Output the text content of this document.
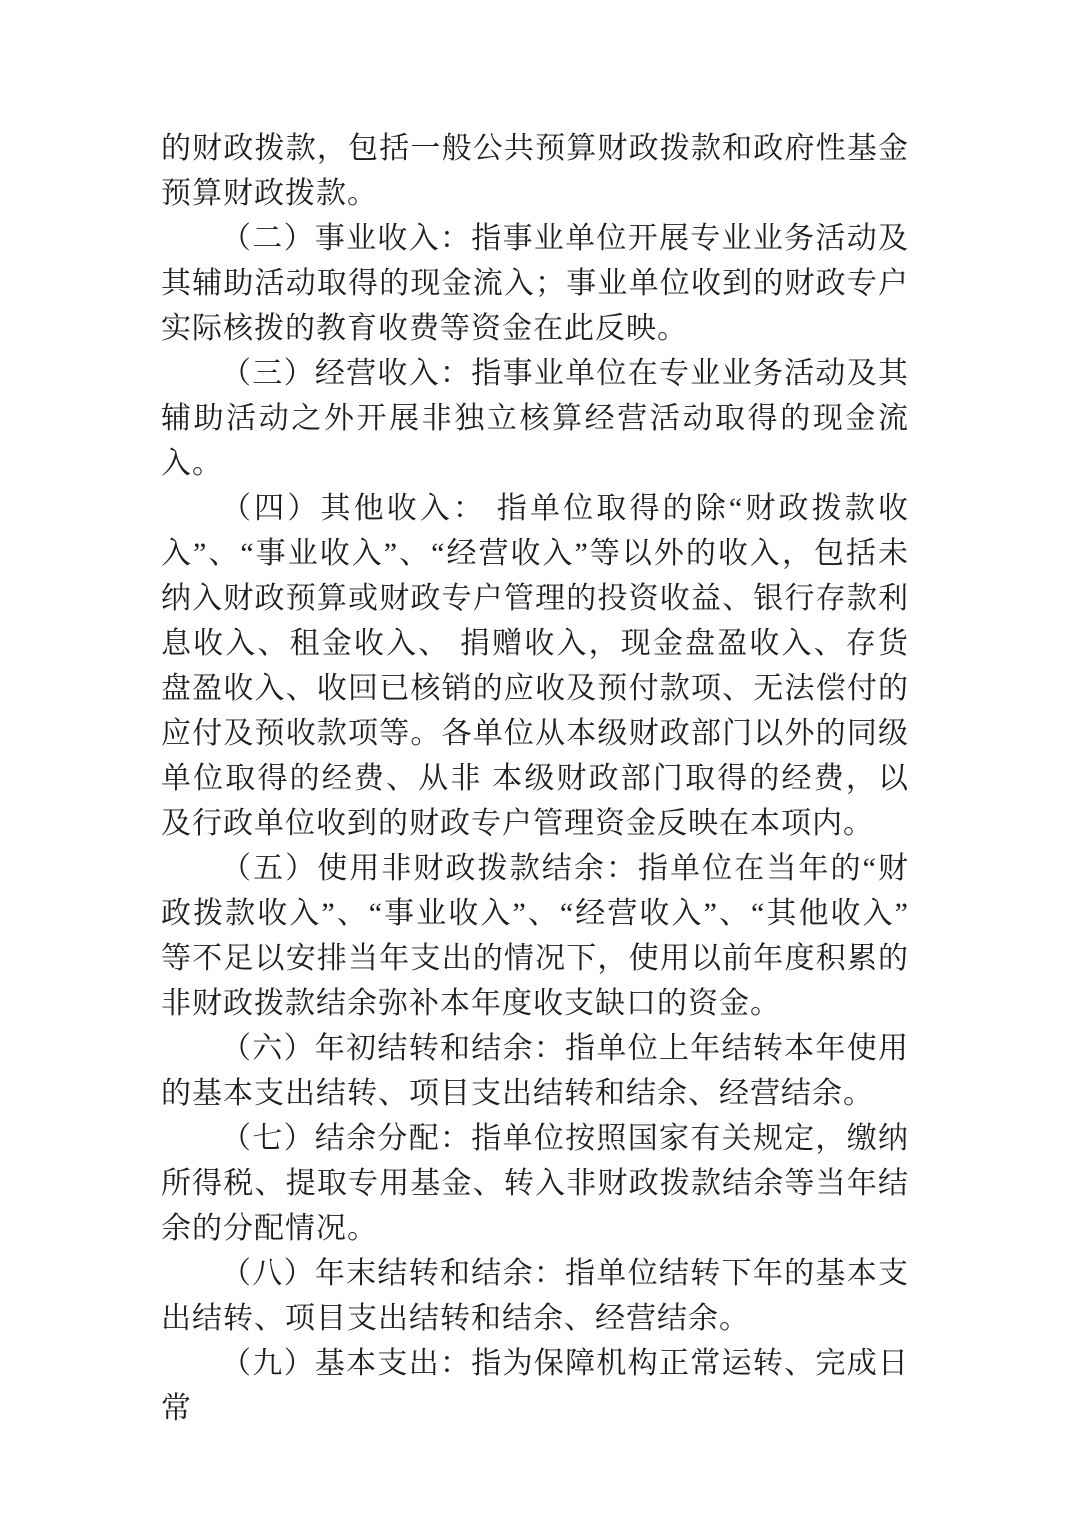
的财政拨款，包括一般公共预算财政拨款和政府性基金预算财政拨款。

（二）事业收入：指事业单位开展专业业务活动及其辅助活动取得的现金流入；事业单位收到的财政专户实际核拨的教育收费等资金在此反映。

（三）经营收入：指事业单位在专业业务活动及其辅助活动之外开展非独立核算经营活动取得的现金流入。

（四）其他收入： 指单位取得的除“财政拨款收入”、“事业收入”、“经营收入”等以外的收入，包括未纳入财政预算或财政专户管理的投资收益、银行存款利息收入、租金收入、 捐赠收入，现金盘盈收入、存货盘盈收入、收回已核销的应收及预付款项、无法偿付的应付及预收款项等。各单位从本级财政部门以外的同级单位取得的经费、从非 本级财政部门取得的经费，以及行政单位收到的财政专户管理资金反映在本项内。

（五）使用非财政拨款结余：指单位在当年的“财政拨款收入”、“事业收入”、“经营收入”、“其他收入”等不足以安排当年支出的情况下，使用以前年度积累的非财政拨款结余弥补本年度收支缺口的资金。

（六）年初结转和结余：指单位上年结转本年使用的基本支出结转、项目支出结转和结余、经营结余。

（七）结余分配：指单位按照国家有关规定，缴纳所得税、提取专用基金、转入非财政拨款结余等当年结余的分配情况。

（八）年末结转和结余：指单位结转下年的基本支出结转、项目支出结转和结余、经营结余。

（九）基本支出：指为保障机构正常运转、完成日常
